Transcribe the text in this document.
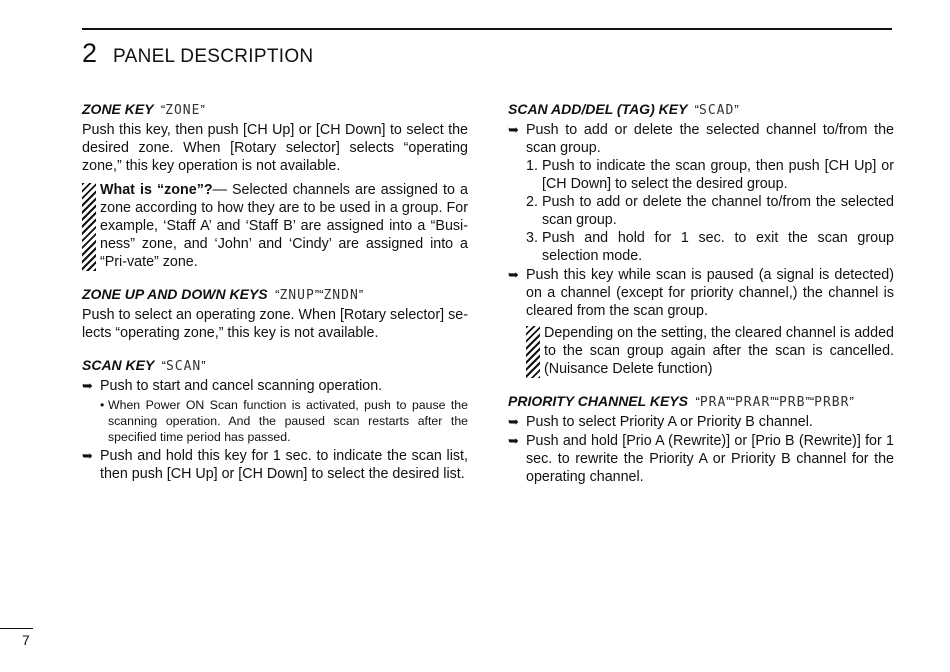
2 PANEL DESCRIPTION
ZONE KEY  “ZONE”
Push this key, then push [CH Up] or [CH Down] to select the desired zone. When [Rotary selector] selects “operating zone,” this key operation is not available.
What is “zone”?— Selected channels are assigned to a zone according to how they are to be used in a group. For example, ‘Staff A’ and ‘Staff B’ are assigned into a “Busi-ness” zone, and ‘John’ and ‘Cindy’ are assigned into a “Pri-vate” zone.
ZONE UP AND DOWN KEYS  “ZNUP”“ZNDN”
Push to select an operating zone. When [Rotary selector] se-lects “operating zone,” this key is not available.
SCAN KEY  “SCAN”
➥ Push to start and cancel scanning operation.
• When Power ON Scan function is activated, push to pause the scanning operation. And the paused scan restarts after the specified time period has passed.
➥ Push and hold this key for 1 sec. to indicate the scan list, then push [CH Up] or [CH Down] to select the desired list.
SCAN ADD/DEL (TAG) KEY  “SCAD”
➥ Push to add or delete the selected channel to/from the scan group.
1. Push to indicate the scan group, then push [CH Up] or [CH Down] to select the desired group.
2. Push to add or delete the channel to/from the selected scan group.
3. Push and hold for 1 sec. to exit the scan group selection mode.
➥ Push this key while scan is paused (a signal is detected) on a channel (except for priority channel,) the channel is cleared from the scan group.
Depending on the setting, the cleared channel is added to the scan group again after the scan is cancelled. (Nuisance Delete function)
PRIORITY CHANNEL KEYS  “PRA”“PRAR”“PRB”“PRBR”
➥ Push to select Priority A or Priority B channel.
➥ Push and hold [Prio A (Rewrite)] or [Prio B (Rewrite)] for 1 sec. to rewrite the Priority A or Priority B channel for the operating channel.
7
